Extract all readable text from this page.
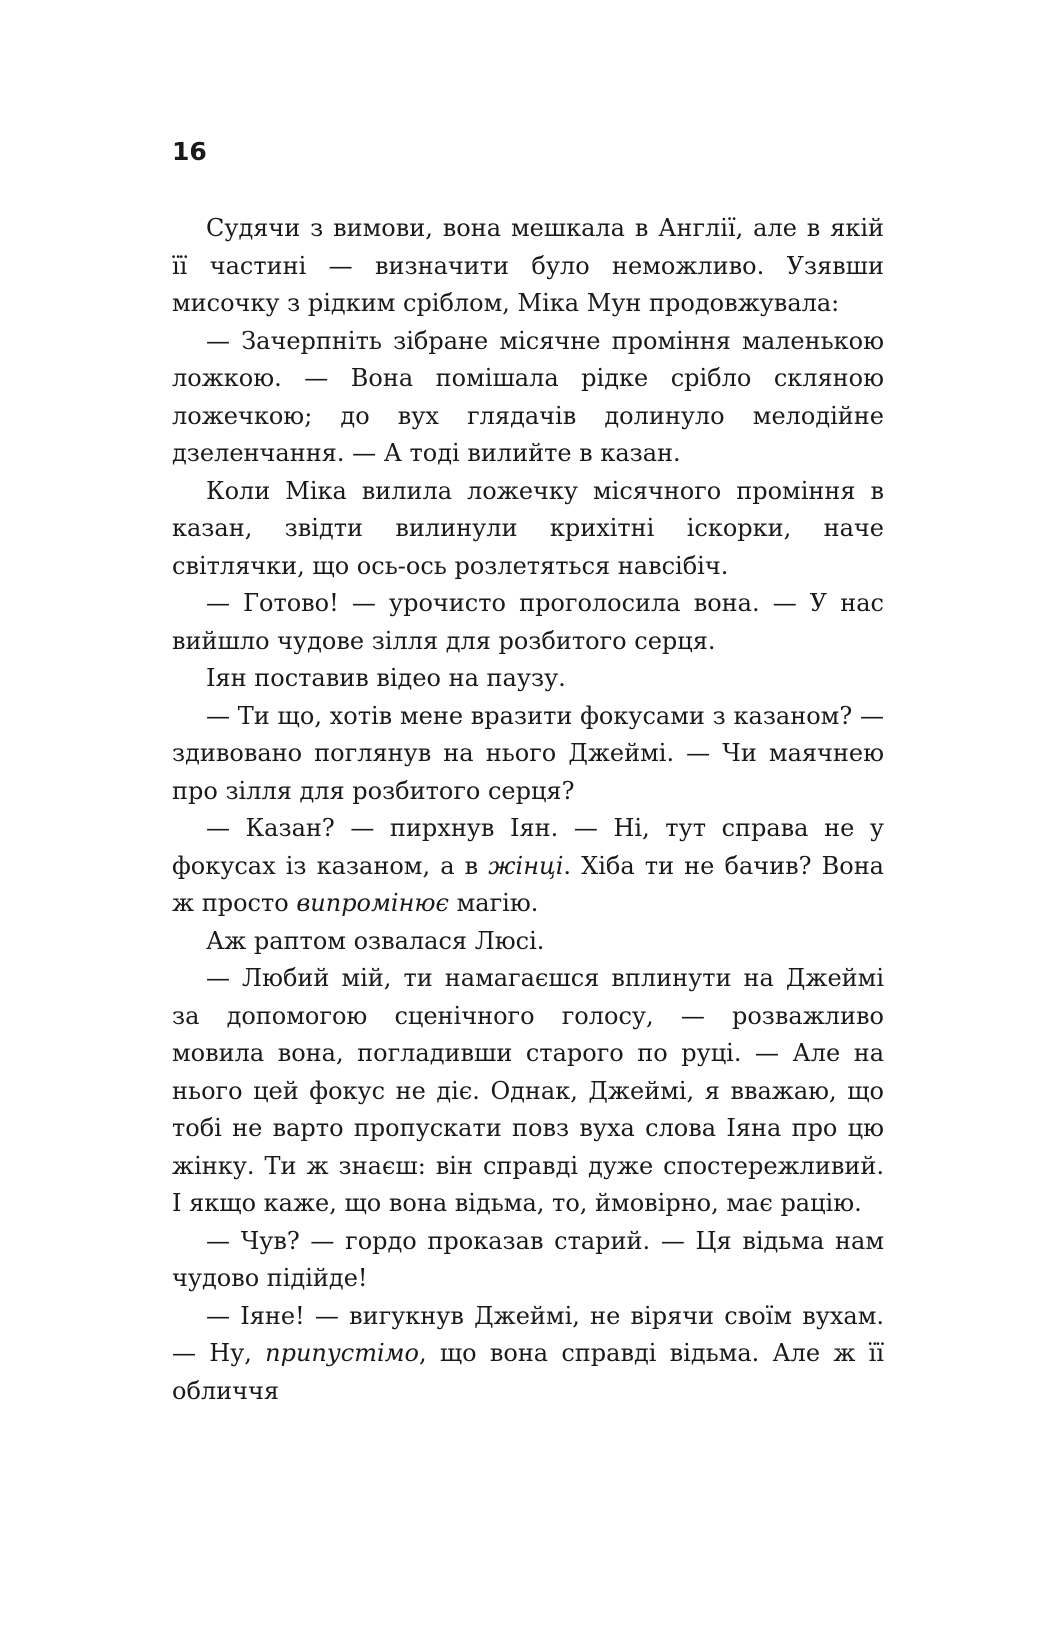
16

Судячи з вимови, вона мешкала в Англії, але в якій її частині — визначити було неможливо. Узявши мисочку з рідким сріблом, Міка Мун продовжувала:

— Зачерпніть зібране місячне проміння маленькою ложкою. — Вона помішала рідке срібло скляною ложечкою; до вух глядачів долинуло мелодійне дзеленчання. — А тоді вилийте в казан.

Коли Міка вилила ложечку місячного проміння в казан, звідти вилинули крихітні іскорки, наче світлячки, що ось-ось розлетяться навсібіч.

— Готово! — урочисто проголосила вона. — У нас вийшло чудове зілля для розбитого серця.

Іян поставив відео на паузу.

— Ти що, хотів мене вразити фокусами з казаном? — здивовано поглянув на нього Джеймі. — Чи маячнею про зілля для розбитого серця?

— Казан? — пирхнув Іян. — Ні, тут справа не у фокусах із казаном, а в жінці. Хіба ти не бачив? Вона ж просто випромінює магію.

Аж раптом озвалася Люсі.

— Любий мій, ти намагаєшся вплинути на Джеймі за допомогою сценічного голосу, — розважливо мовила вона, погладивши старого по руці. — Але на нього цей фокус не діє. Однак, Джеймі, я вважаю, що тобі не варто пропускати повз вуха слова Іяна про цю жінку. Ти ж знаєш: він справді дуже спостережливий. І якщо каже, що вона відьма, то, ймовірно, має рацію.

— Чув? — гордо проказав старий. — Ця відьма нам чудово підійде!

— Іяне! — вигукнув Джеймі, не вірячи своїм вухам. — Ну, припустімо, що вона справді відьма. Але ж її обличчя
